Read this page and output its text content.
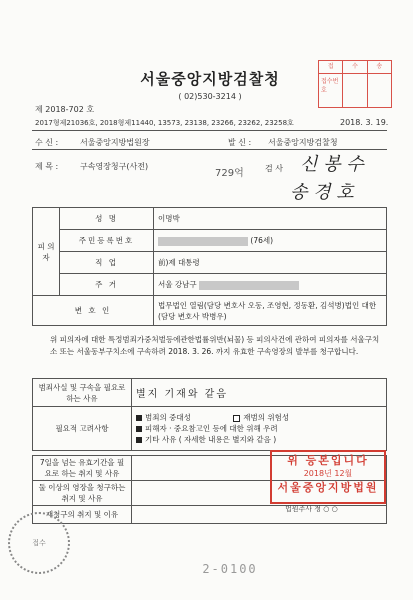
서울중앙지방검찰청
( 02)530-3214 )
접	수	송
접수번호
제 2018-702 호
2017형제21036호, 2018형제11440, 13573, 23138, 23266, 23262, 23258호	2018. 3. 19.
수 신 :	서울중앙지방법원장	발 신 : 서울중앙지방검찰청
제 목 :	구속영장청구(사전)
729억	검 사 신 봉 수
송 경 호
피 의 자	성 명	이명박
	주민등록번호	(76세)
	직 업	前)제 대통령
	주 거	서울 강남구
변 호 인		법무법인 열림(담당 변호사 오동, 조영현, 정동환, 김석병)법인 대한(담당 변호사 박병우)
위 피의자에 대한 특정범죄가중처벌등에관한법률위반(뇌물) 등 피의사건에 관하여 피의자를 서울구치소 또는 서울동부구치소에 구속하려 2018. 3. 26. 까지 유효한 구속영장의 발부를 청구합니다.
범죄사실 및 구속을 필요로 하는 사유	별지 기재와 같음
필요적 고려사항	범죄의 중대성 재범의 위험성
피해자 · 중요참고인 등에 대한 위해 우려
기타 사유 ( 자세한 내용은 별지와 같음 )
7일을 넘는 유효기간을 필요로 하는 취지 및 사유	
둘 이상의 영장을 청구하는 취지 및 사유	
재청구의 취지 및 이유	
위 등본입니다
2018년 12월
서울중앙지방법원
법원주사 정 ○ ○
접수
2-0100
